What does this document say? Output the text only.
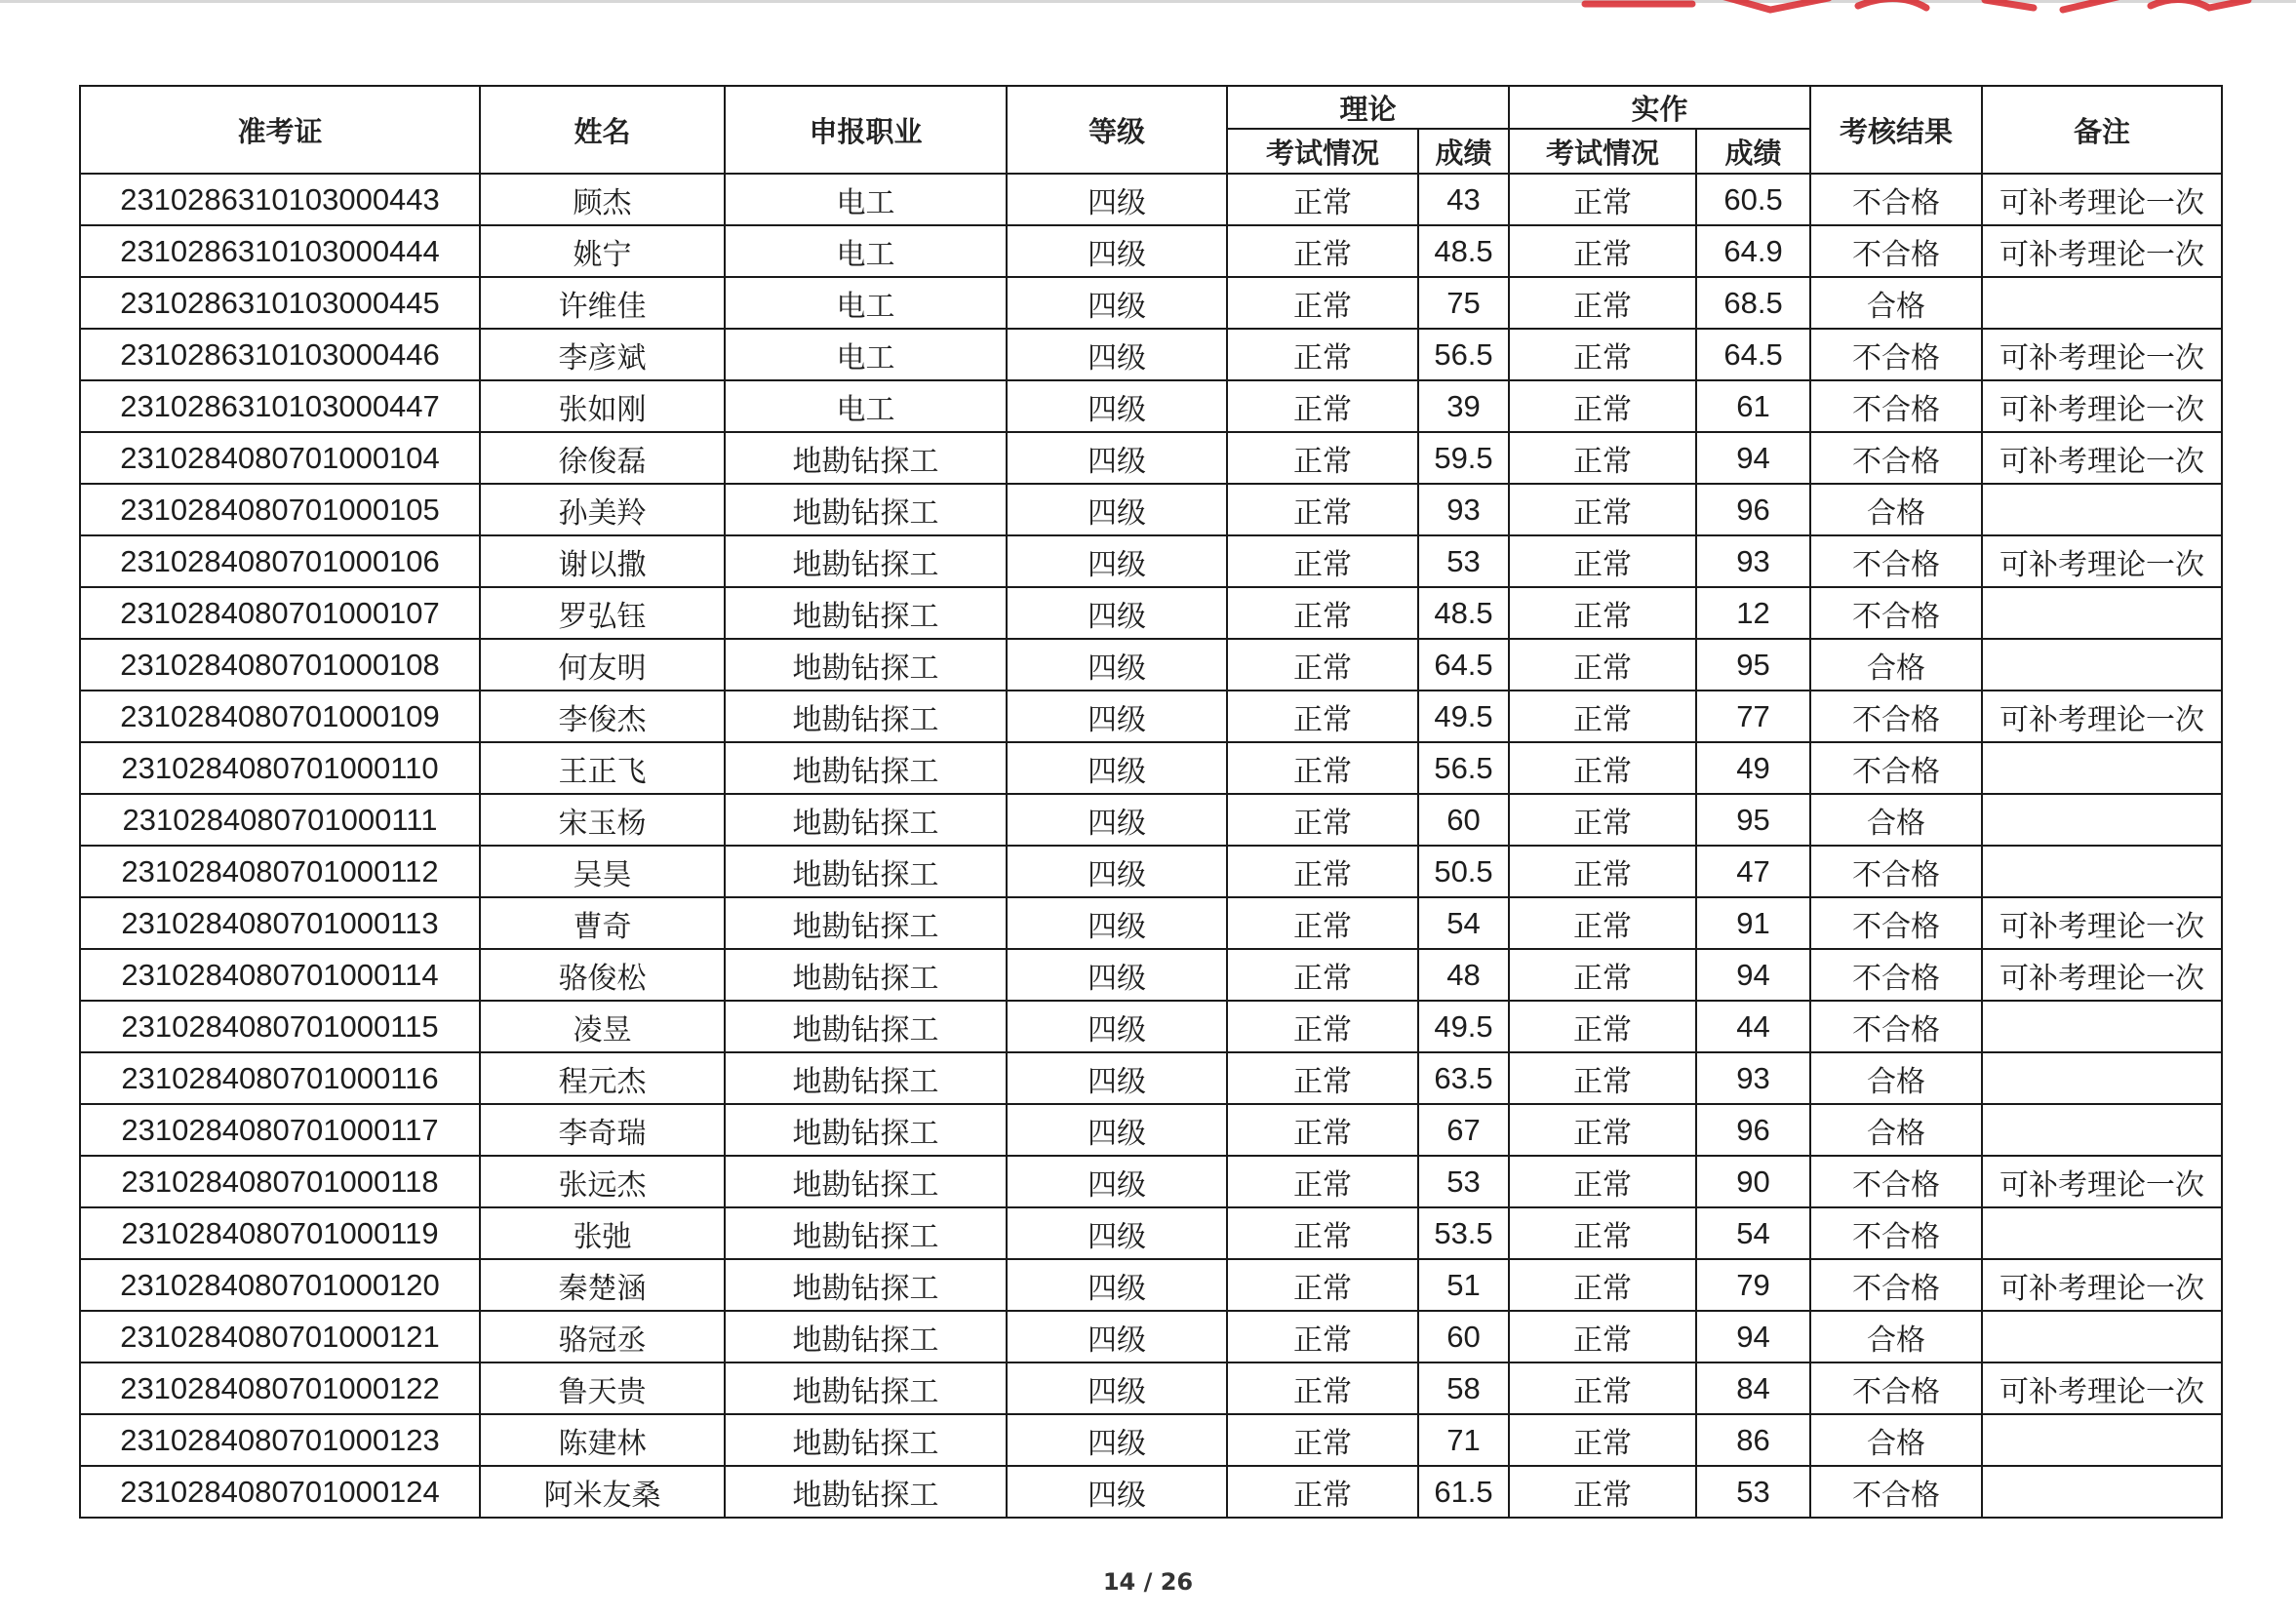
准考证	姓名	申报职业	等级	理论		实作		考核结果	备注
				考试情况	成绩	考试情况	成绩		
2310286310103000443	顾杰	电工	四级	正常	43	正常	60.5	不合格	可补考理论一次
2310286310103000444	姚宁	电工	四级	正常	48.5	正常	64.9	不合格	可补考理论一次
2310286310103000445	许维佳	电工	四级	正常	75	正常	68.5	合格	
2310286310103000446	李彦斌	电工	四级	正常	56.5	正常	64.5	不合格	可补考理论一次
2310286310103000447	张如刚	电工	四级	正常	39	正常	61	不合格	可补考理论一次
2310284080701000104	徐俊磊	地勘钻探工	四级	正常	59.5	正常	94	不合格	可补考理论一次
2310284080701000105	孙美羚	地勘钻探工	四级	正常	93	正常	96	合格	
2310284080701000106	谢以撒	地勘钻探工	四级	正常	53	正常	93	不合格	可补考理论一次
2310284080701000107	罗弘钰	地勘钻探工	四级	正常	48.5	正常	12	不合格	
2310284080701000108	何友明	地勘钻探工	四级	正常	64.5	正常	95	合格	
2310284080701000109	李俊杰	地勘钻探工	四级	正常	49.5	正常	77	不合格	可补考理论一次
2310284080701000110	王正飞	地勘钻探工	四级	正常	56.5	正常	49	不合格	
2310284080701000111	宋玉杨	地勘钻探工	四级	正常	60	正常	95	合格	
2310284080701000112	吴昊	地勘钻探工	四级	正常	50.5	正常	47	不合格	
2310284080701000113	曹奇	地勘钻探工	四级	正常	54	正常	91	不合格	可补考理论一次
2310284080701000114	骆俊松	地勘钻探工	四级	正常	48	正常	94	不合格	可补考理论一次
2310284080701000115	凌昱	地勘钻探工	四级	正常	49.5	正常	44	不合格	
2310284080701000116	程元杰	地勘钻探工	四级	正常	63.5	正常	93	合格	
2310284080701000117	李奇瑞	地勘钻探工	四级	正常	67	正常	96	合格	
2310284080701000118	张远杰	地勘钻探工	四级	正常	53	正常	90	不合格	可补考理论一次
2310284080701000119	张弛	地勘钻探工	四级	正常	53.5	正常	54	不合格	
2310284080701000120	秦楚涵	地勘钻探工	四级	正常	51	正常	79	不合格	可补考理论一次
2310284080701000121	骆冠丞	地勘钻探工	四级	正常	60	正常	94	合格	
2310284080701000122	鲁天贵	地勘钻探工	四级	正常	58	正常	84	不合格	可补考理论一次
2310284080701000123	陈建林	地勘钻探工	四级	正常	71	正常	86	合格	
2310284080701000124	阿米友桑	地勘钻探工	四级	正常	61.5	正常	53	不合格	
14 / 26
